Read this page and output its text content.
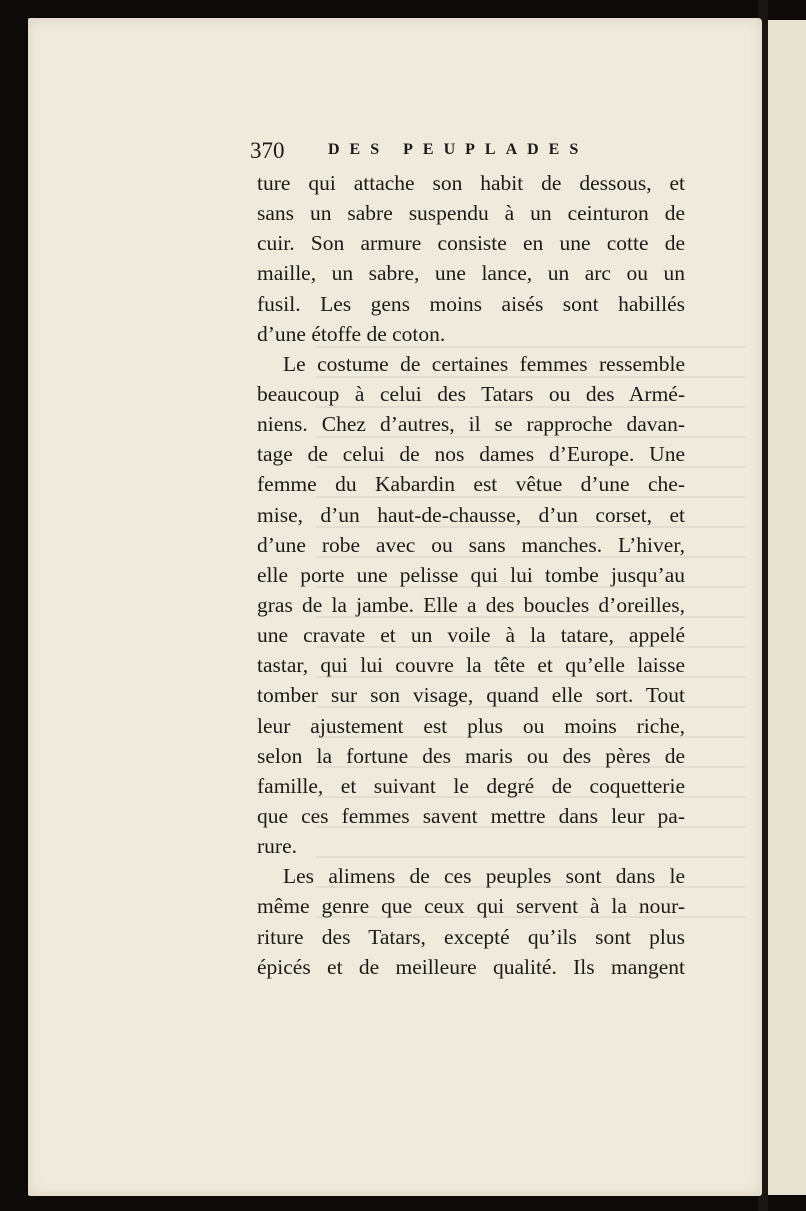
370	DES PEUPLADES
ture qui attache son habit de dessous, et
sans un sabre suspendu à un ceinturon de
cuir. Son armure consiste en une cotte de
maille, un sabre, une lance, un arc ou un
fusil. Les gens moins aisés sont habillés
d’une étoffe de coton.
Le costume de certaines femmes ressemble
beaucoup à celui des Tatars ou des Armé-
niens. Chez d’autres, il se rapproche davan-
tage de celui de nos dames d’Europe. Une
femme du Kabardin est vêtue d’une che-
mise, d’un haut-de-chausse, d’un corset, et
d’une robe avec ou sans manches. L’hiver,
elle porte une pelisse qui lui tombe jusqu’au
gras de la jambe. Elle a des boucles d’oreilles,
une cravate et un voile à la tatare, appelé
tastar, qui lui couvre la tête et qu’elle laisse
tomber sur son visage, quand elle sort. Tout
leur ajustement est plus ou moins riche,
selon la fortune des maris ou des pères de
famille, et suivant le degré de coquetterie
que ces femmes savent mettre dans leur pa-
rure.
Les alimens de ces peuples sont dans le
même genre que ceux qui servent à la nour-
riture des Tatars, excepté qu’ils sont plus
épicés et de meilleure qualité. Ils mangent
